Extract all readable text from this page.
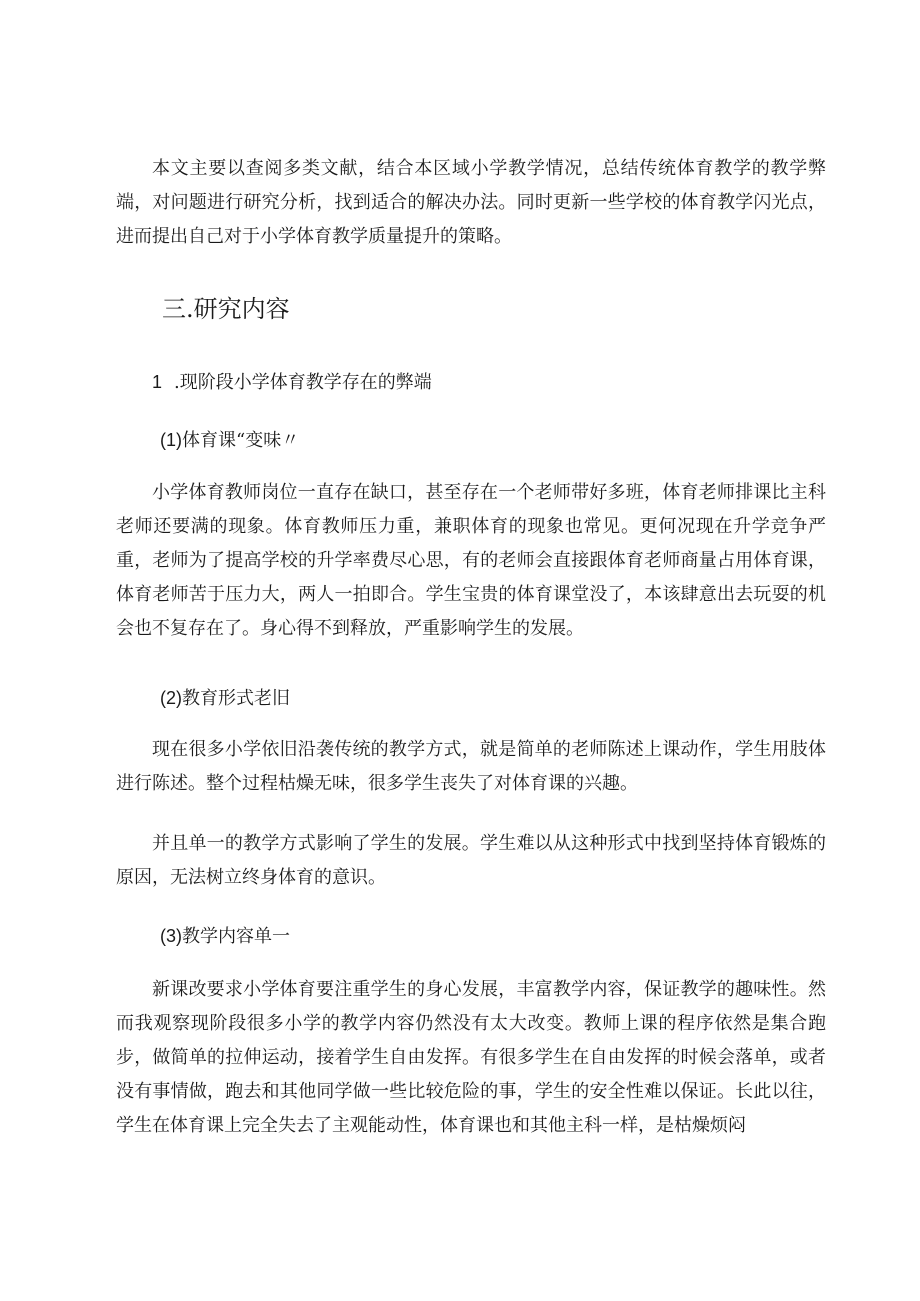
本文主要以查阅多类文献，结合本区域小学教学情况，总结传统体育教学的教学弊端，对问题进行研究分析，找到适合的解决办法。同时更新一些学校的体育教学闪光点，进而提出自己对于小学体育教学质量提升的策略。

三.研究内容
1 .现阶段小学体育教学存在的弊端
(1)体育课“变味〃

小学体育教师岗位一直存在缺口，甚至存在一个老师带好多班，体育老师排课比主科老师还要满的现象。体育教师压力重，兼职体育的现象也常见。更何况现在升学竞争严重，老师为了提高学校的升学率费尽心思，有的老师会直接跟体育老师商量占用体育课，体育老师苦于压力大，两人一拍即合。学生宝贵的体育课堂没了，本该肆意出去玩耍的机会也不复存在了。身心得不到释放，严重影响学生的发展。

(2)教育形式老旧

现在很多小学依旧沿袭传统的教学方式，就是简单的老师陈述上课动作，学生用肢体进行陈述。整个过程枯燥无味，很多学生丧失了对体育课的兴趣。

并且单一的教学方式影响了学生的发展。学生难以从这种形式中找到坚持体育锻炼的原因，无法树立终身体育的意识。

(3)教学内容单一

新课改要求小学体育要注重学生的身心发展，丰富教学内容，保证教学的趣味性。然而我观察现阶段很多小学的教学内容仍然没有太大改变。教师上课的程序依然是集合跑步，做简单的拉伸运动，接着学生自由发挥。有很多学生在自由发挥的时候会落单，或者没有事情做，跑去和其他同学做一些比较危险的事，学生的安全性难以保证。长此以往，学生在体育课上完全失去了主观能动性，体育课也和其他主科一样，是枯燥烦闷
